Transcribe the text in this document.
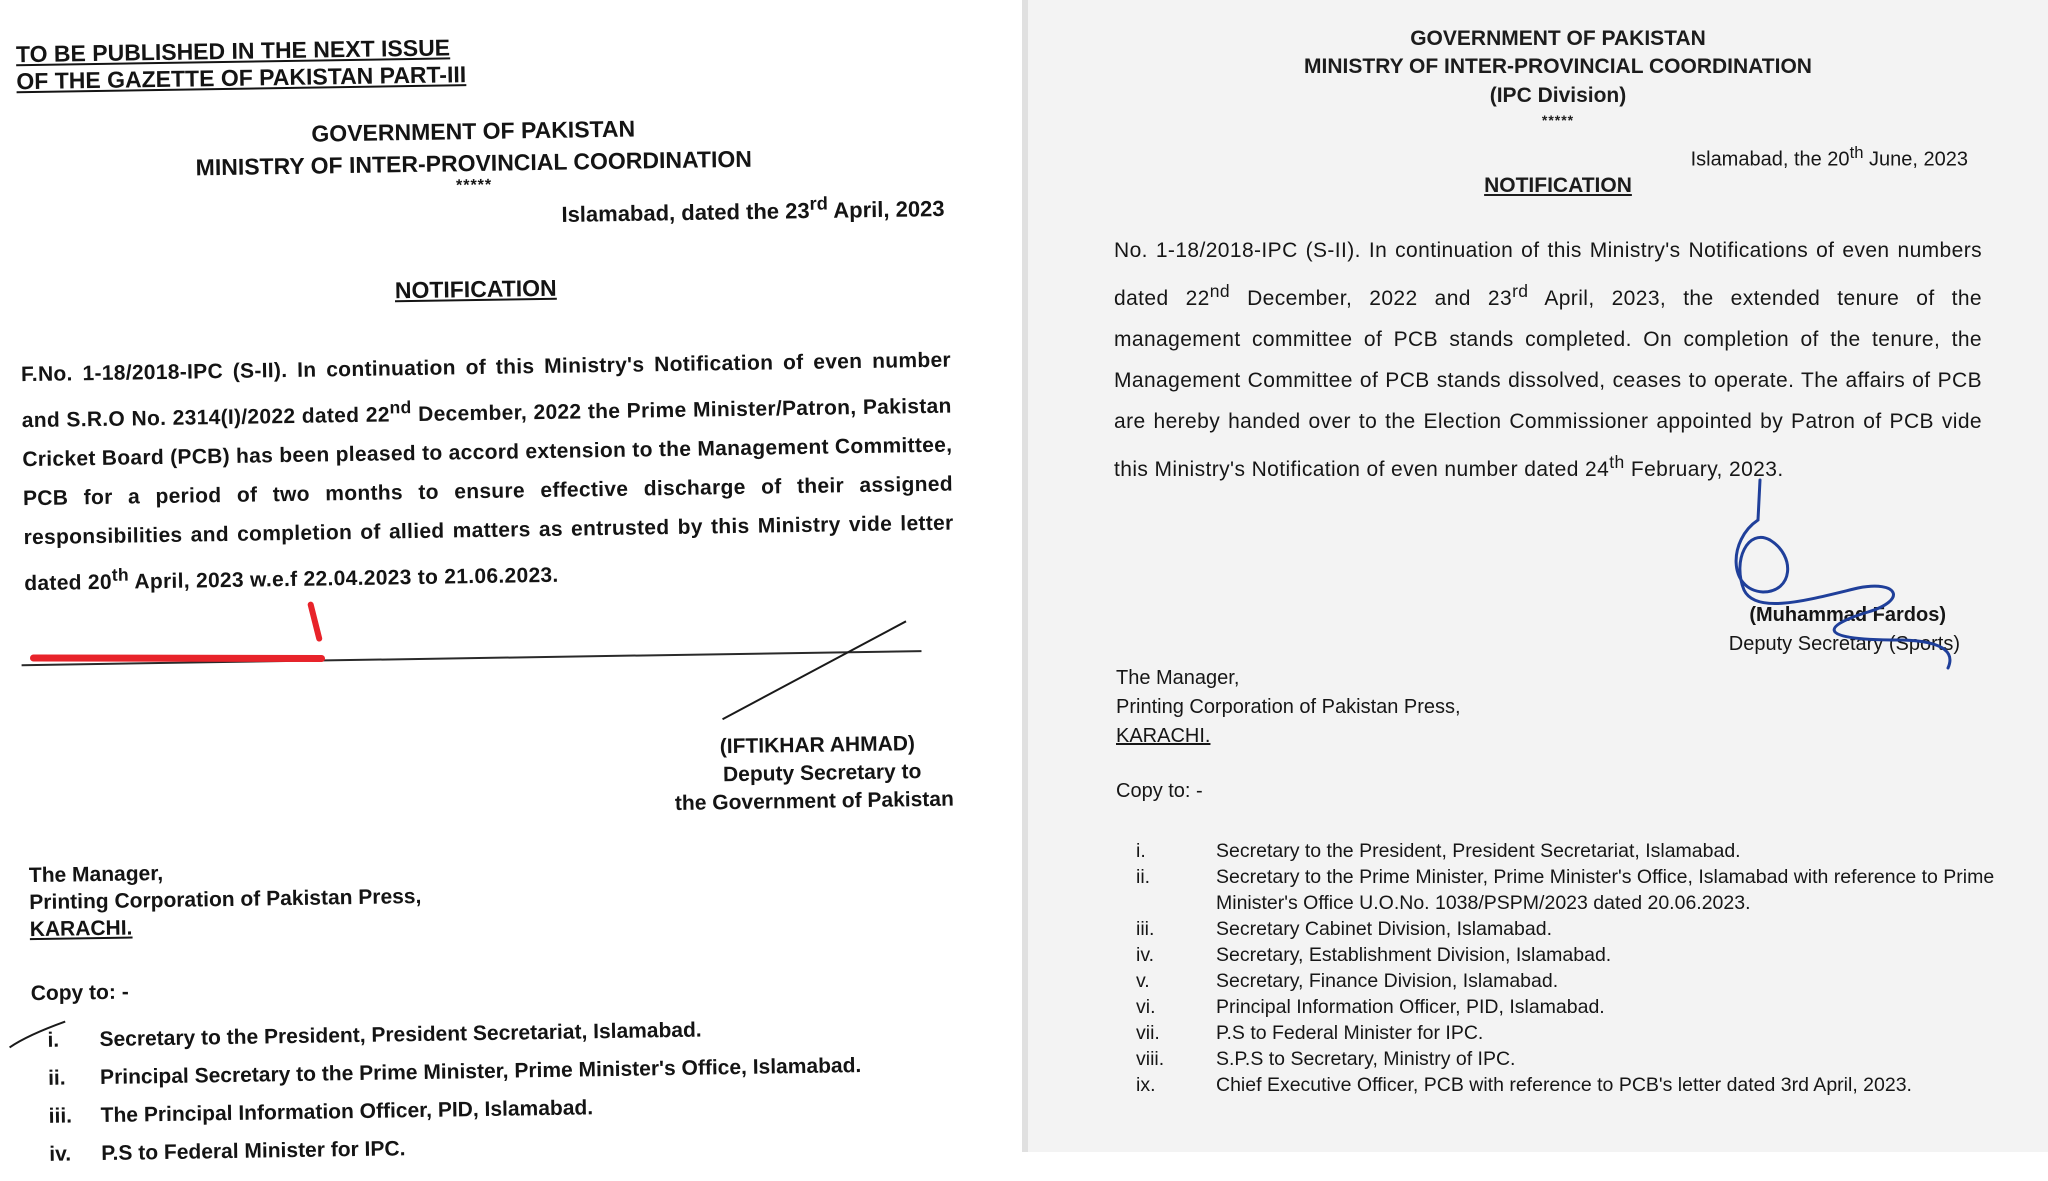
TO BE PUBLISHED IN THE NEXT ISSUE
OF THE GAZETTE OF PAKISTAN PART-III
GOVERNMENT OF PAKISTAN
MINISTRY OF INTER-PROVINCIAL COORDINATION
*****
Islamabad, dated the 23rd April, 2023
NOTIFICATION
F.No. 1-18/2018-IPC (S-II). In continuation of this Ministry's Notification of even number and S.R.O No. 2314(I)/2022 dated 22nd December, 2022 the Prime Minister/Patron, Pakistan Cricket Board (PCB) has been pleased to accord extension to the Management Committee, PCB for a period of two months to ensure effective discharge of their assigned responsibilities and completion of allied matters as entrusted by this Ministry vide letter dated 20th April, 2023 w.e.f 22.04.2023 to 21.06.2023.
(IFTIKHAR AHMAD)
Deputy Secretary to
the Government of Pakistan
The Manager,
Printing Corporation of Pakistan Press,
KARACHI.
Copy to: -
i.	Secretary to the President, President Secretariat, Islamabad.
ii.	Principal Secretary to the Prime Minister, Prime Minister's Office, Islamabad.
iii.	The Principal Information Officer, PID, Islamabad.
iv.	P.S to Federal Minister for IPC.
GOVERNMENT OF PAKISTAN
MINISTRY OF INTER-PROVINCIAL COORDINATION
(IPC Division)
*****
Islamabad, the 20th June, 2023
NOTIFICATION
No. 1-18/2018-IPC (S-II). In continuation of this Ministry's Notifications of even numbers dated 22nd December, 2022 and 23rd April, 2023, the extended tenure of the management committee of PCB stands completed. On completion of the tenure, the Management Committee of PCB stands dissolved, ceases to operate. The affairs of PCB are hereby handed over to the Election Commissioner appointed by Patron of PCB vide this Ministry's Notification of even number dated 24th February, 2023.
(Muhammad Fardos)
Deputy Secretary (Sports)
The Manager,
Printing Corporation of Pakistan Press,
KARACHI.
Copy to: -
i.	Secretary to the President, President Secretariat, Islamabad.
ii.	Secretary to the Prime Minister, Prime Minister's Office, Islamabad with reference to Prime Minister's Office U.O.No. 1038/PSPM/2023 dated 20.06.2023.
iii.	Secretary Cabinet Division, Islamabad.
iv.	Secretary, Establishment Division, Islamabad.
v.	Secretary, Finance Division, Islamabad.
vi.	Principal Information Officer, PID, Islamabad.
vii.	P.S to Federal Minister for IPC.
viii.	S.P.S to Secretary, Ministry of IPC.
ix.	Chief Executive Officer, PCB with reference to PCB's letter dated 3rd April, 2023.
